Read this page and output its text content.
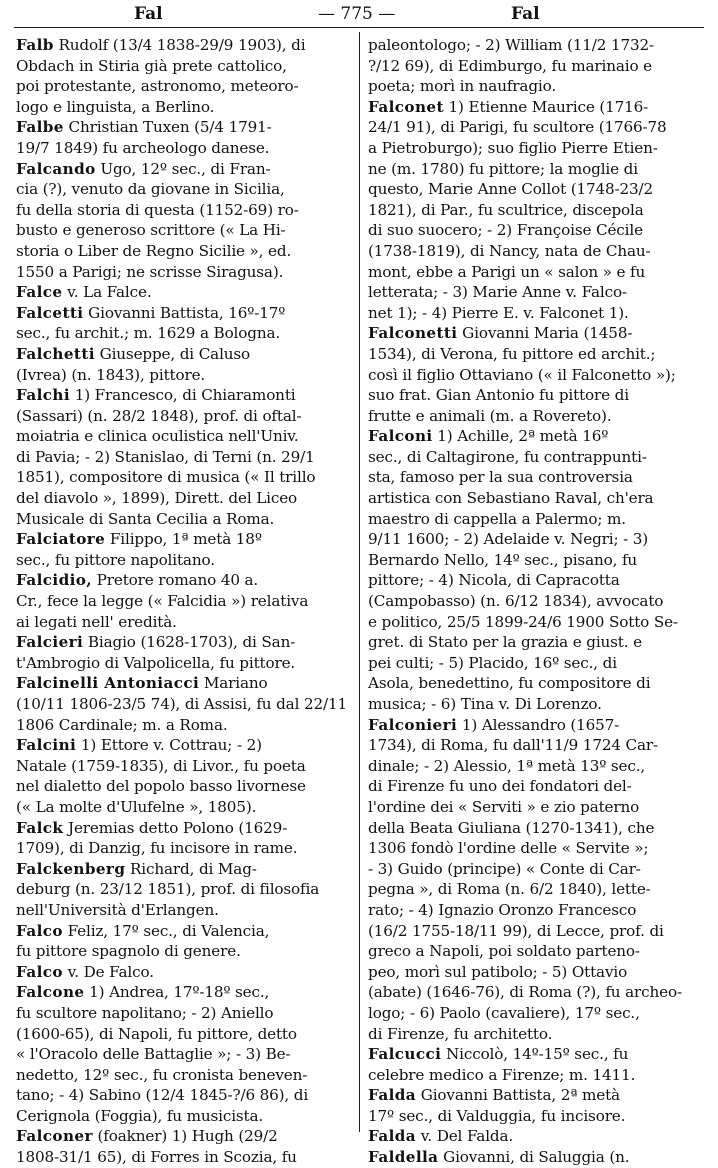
Fal	— 775 —	Fal

Falb Rudolf (13/4 1838-29/9 1903), di
Obdach in Stiria già prete cattolico,
poi protestante, astronomo, meteoro-
logo e linguista, a Berlino.

Falbe Christian Tuxen (5/4 1791-
19/7 1849) fu archeologo danese.

Falcando Ugo, 12º sec., di Fran-
cia (?), venuto da giovane in Sicilia,
fu della storia di questa (1152-69) ro-
busto e generoso scrittore (« La Hi-
storia o Liber de Regno Sicilie », ed.
1550 a Parigi; ne scrisse Siragusa).

Falce v. La Falce.

Falcetti Giovanni Battista, 16º-17º
sec., fu archit.; m. 1629 a Bologna.

Falchetti Giuseppe, di Caluso
(Ivrea) (n. 1843), pittore.

Falchi 1) Francesco, di Chiaramonti
(Sassari) (n. 28/2 1848), prof. di oftal-
moiatria e clinica oculistica nell'Univ.
di Pavia; - 2) Stanislao, di Terni (n. 29/1
1851), compositore di musica (« Il trillo
del diavolo », 1899), Dirett. del Liceo
Musicale di Santa Cecilia a Roma.

Falciatore Filippo, 1ª metà 18º
sec., fu pittore napolitano.

Falcidio, Pretore romano 40 a.
Cr., fece la legge (« Falcidia ») relativa
ai legati nell' eredità.

Falcieri Biagio (1628-1703), di San-
t'Ambrogio di Valpolicella, fu pittore.

Falcinelli Antoniacci Mariano
(10/11 1806-23/5 74), di Assisi, fu dal 22/11
1806 Cardinale; m. a Roma.

Falcini 1) Ettore v. Cottrau; - 2)
Natale (1759-1835), di Livor., fu poeta
nel dialetto del popolo basso livornese
(« La molte d'Ulufelne », 1805).

Falck Jeremias detto Polono (1629-
1709), di Danzig, fu incisore in rame.

Falckenberg Richard, di Mag-
deburg (n. 23/12 1851), prof. di filosofia
nell'Università d'Erlangen.

Falco Feliz, 17º sec., di Valencia,
fu pittore spagnolo di genere.

Falco v. De Falco.

Falcone 1) Andrea, 17º-18º sec.,
fu scultore napolitano; - 2) Aniello
(1600-65), di Napoli, fu pittore, detto
« l'Oracolo delle Battaglie »; - 3) Be-
nedetto, 12º sec., fu cronista beneven-
tano; - 4) Sabino (12/4 1845-?/6 86), di
Cerignola (Foggia), fu musicista.

Falconer (foakner) 1) Hugh (29/2
1808-31/1 65), di Forres in Scozia, fu

paleontologo; - 2) William (11/2 1732-
?/12 69), di Edimburgo, fu marinaio e
poeta; morì in naufragio.

Falconet 1) Etienne Maurice (1716-
24/1 91), di Parigi, fu scultore (1766-78
a Pietroburgo); suo figlio Pierre Etien-
ne (m. 1780) fu pittore; la moglie di
questo, Marie Anne Collot (1748-23/2
1821), di Par., fu scultrice, discepola
di suo suocero; - 2) Françoise Cécile
(1738-1819), di Nancy, nata de Chau-
mont, ebbe a Parigi un « salon » e fu
letterata; - 3) Marie Anne v. Falco-
net 1); - 4) Pierre E. v. Falconet 1).

Falconetti Giovanni Maria (1458-
1534), di Verona, fu pittore ed archit.;
così il figlio Ottaviano (« il Falconetto »);
suo frat. Gian Antonio fu pittore di
frutte e animali (m. a Rovereto).

Falconi 1) Achille, 2ª metà 16º
sec., di Caltagirone, fu contrappunti-
sta, famoso per la sua controversia
artistica con Sebastiano Raval, ch'era
maestro di cappella a Palermo; m.
9/11 1600; - 2) Adelaide v. Negri; - 3)
Bernardo Nello, 14º sec., pisano, fu
pittore; - 4) Nicola, di Capracotta
(Campobasso) (n. 6/12 1834), avvocato
e politico, 25/5 1899-24/6 1900 Sotto Se-
gret. di Stato per la grazia e giust. e
pei culti; - 5) Placido, 16º sec., di
Asola, benedettino, fu compositore di
musica; - 6) Tina v. Di Lorenzo.

Falconieri 1) Alessandro (1657-
1734), di Roma, fu dall'11/9 1724 Car-
dinale; - 2) Alessio, 1ª metà 13º sec.,
di Firenze fu uno dei fondatori del-
l'ordine dei « Serviti » e zio paterno
della Beata Giuliana (1270-1341), che
1306 fondò l'ordine delle « Servite »;
- 3) Guido (principe) « Conte di Car-
pegna », di Roma (n. 6/2 1840), lette-
rato; - 4) Ignazio Oronzo Francesco
(16/2 1755-18/11 99), di Lecce, prof. di
greco a Napoli, poi soldato parteno-
peo, morì sul patibolo; - 5) Ottavio
(abate) (1646-76), di Roma (?), fu archeo-
logo; - 6) Paolo (cavaliere), 17º sec.,
di Firenze, fu architetto.

Falcucci Niccolò, 14º-15º sec., fu
celebre medico a Firenze; m. 1411.

Falda Giovanni Battista, 2ª metà
17º sec., di Valduggia, fu incisore.

Falda v. Del Falda.

Faldella Giovanni, di Saluggia (n.
